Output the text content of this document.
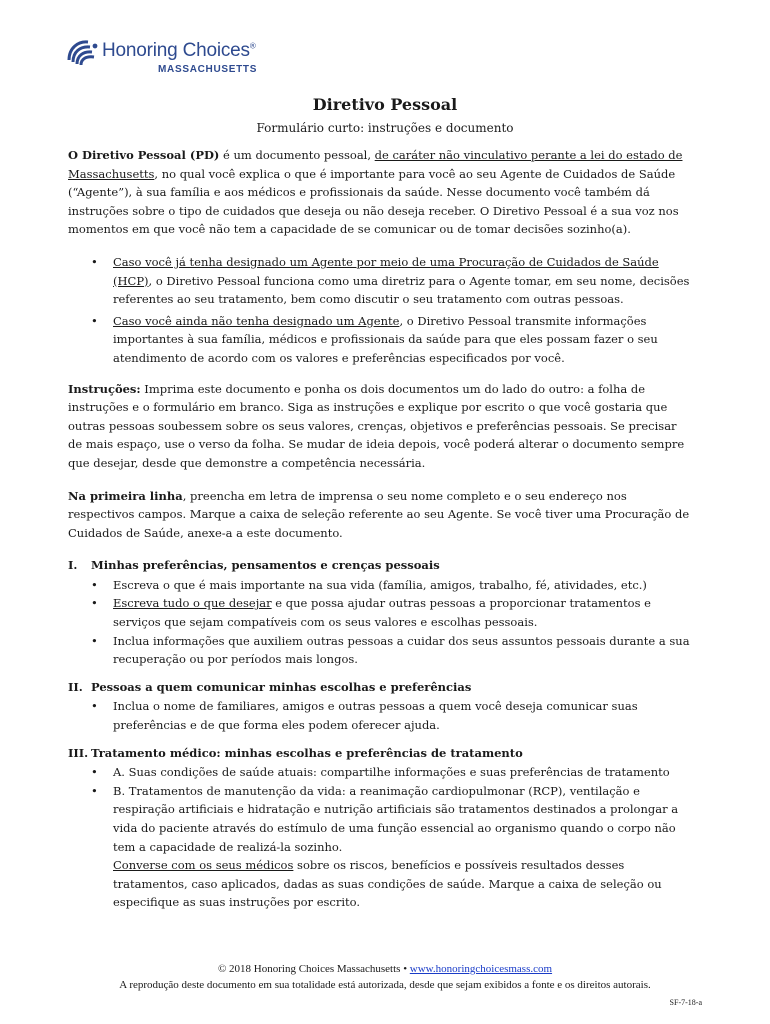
Honoring Choices®
MASSACHUSETTS
Diretivo Pessoal
Formulário curto: instruções e documento

O Diretivo Pessoal (PD) é um documento pessoal, de caráter não vinculativo perante a lei do estado de Massachusetts, no qual você explica o que é importante para você ao seu Agente de Cuidados de Saúde (“Agente”), à sua família e aos médicos e profissionais da saúde. Nesse documento você também dá instruções sobre o tipo de cuidados que deseja ou não deseja receber. O Diretivo Pessoal é a sua voz nos momentos em que você não tem a capacidade de se comunicar ou de tomar decisões sozinho(a).

• Caso você já tenha designado um Agente por meio de uma Procuração de Cuidados de Saúde (HCP), o Diretivo Pessoal funciona como uma diretriz para o Agente tomar, em seu nome, decisões referentes ao seu tratamento, bem como discutir o seu tratamento com outras pessoas.
• Caso você ainda não tenha designado um Agente, o Diretivo Pessoal transmite informações importantes à sua família, médicos e profissionais da saúde para que eles possam fazer o seu atendimento de acordo com os valores e preferências especificados por você.

Instruções: Imprima este documento e ponha os dois documentos um do lado do outro: a folha de instruções e o formulário em branco. Siga as instruções e explique por escrito o que você gostaria que outras pessoas soubessem sobre os seus valores, crenças, objetivos e preferências pessoais. Se precisar de mais espaço, use o verso da folha. Se mudar de ideia depois, você poderá alterar o documento sempre que desejar, desde que demonstre a competência necessária.

Na primeira linha, preencha em letra de imprensa o seu nome completo e o seu endereço nos respectivos campos. Marque a caixa de seleção referente ao seu Agente. Se você tiver uma Procuração de Cuidados de Saúde, anexe-a a este documento.

I. Minhas preferências, pensamentos e crenças pessoais
• Escreva o que é mais importante na sua vida (família, amigos, trabalho, fé, atividades, etc.)
• Escreva tudo o que desejar e que possa ajudar outras pessoas a proporcionar tratamentos e serviços que sejam compatíveis com os seus valores e escolhas pessoais.
• Inclua informações que auxiliem outras pessoas a cuidar dos seus assuntos pessoais durante a sua recuperação ou por períodos mais longos.
II. Pessoas a quem comunicar minhas escolhas e preferências
• Inclua o nome de familiares, amigos e outras pessoas a quem você deseja comunicar suas preferências e de que forma eles podem oferecer ajuda.
III. Tratamento médico: minhas escolhas e preferências de tratamento
• A. Suas condições de saúde atuais: compartilhe informações e suas preferências de tratamento
• B. Tratamentos de manutenção da vida: a reanimação cardiopulmonar (RCP), ventilação e respiração artificiais e hidratação e nutrição artificiais são tratamentos destinados a prolongar a vida do paciente através do estímulo de uma função essencial ao organismo quando o corpo não tem a capacidade de realizá-la sozinho.
Converse com os seus médicos sobre os riscos, benefícios e possíveis resultados desses tratamentos, caso aplicados, dadas as suas condições de saúde. Marque a caixa de seleção ou especifique as suas instruções por escrito.
© 2018 Honoring Choices Massachusetts • www.honoringchoicesmass.com
A reprodução deste documento em sua totalidade está autorizada, desde que sejam exibidos a fonte e os direitos autorais.
SF-7-18-a
